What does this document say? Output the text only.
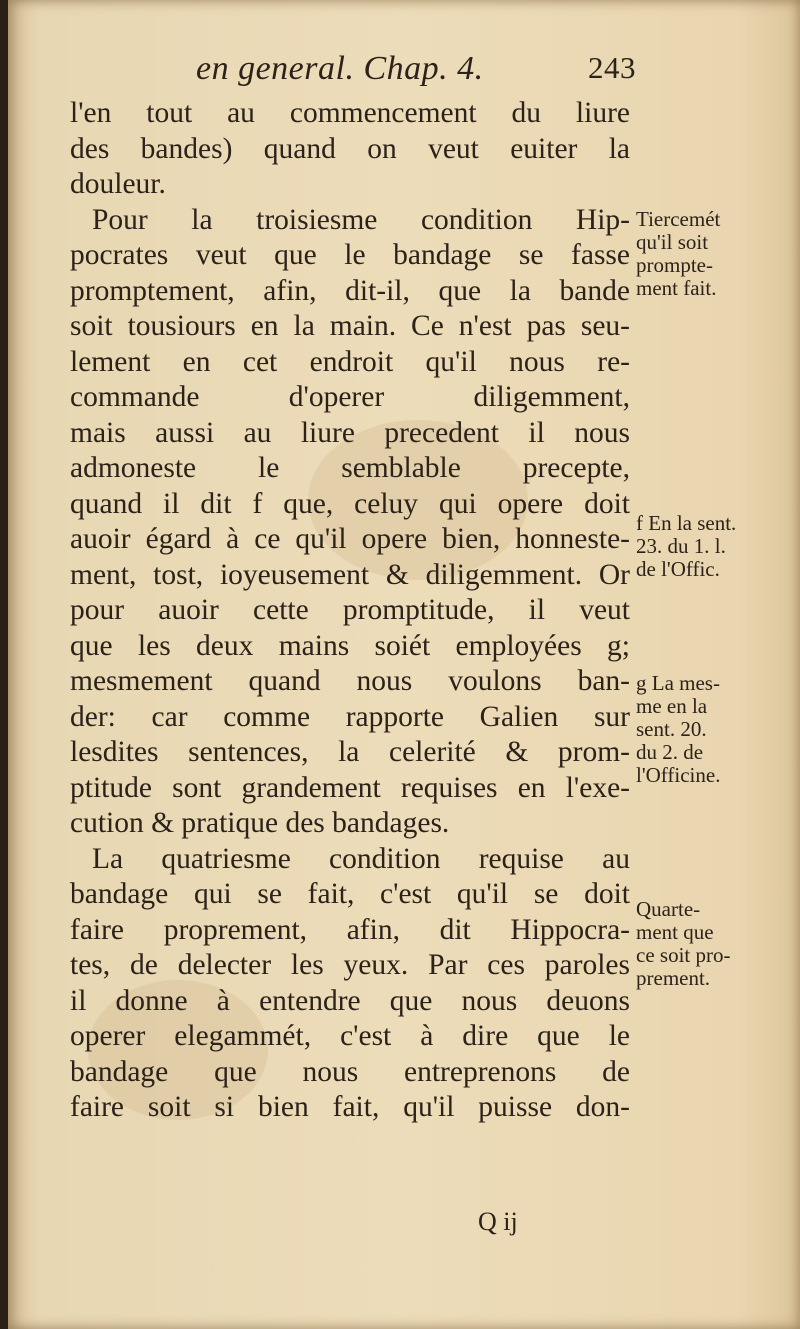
en general. Chap. 4.	243
l'en tout au commencement du liure
des bandes) quand on veut euiter la
douleur.
Pour la troisiesme condition Hip-
pocrates veut que le bandage se fasse
promptement, afin, dit-il, que la bande
soit tousiours en la main. Ce n'est pas seu-
lement en cet endroit qu'il nous re-
commande d'operer diligemment,
mais aussi au liure precedent il nous
admoneste le semblable precepte,
quand il dit f que, celuy qui opere doit
auoir égard à ce qu'il opere bien, honneste-
ment, tost, ioyeusement & diligemment. Or
pour auoir cette promptitude, il veut
que les deux mains soiét employées g;
mesmement quand nous voulons ban-
der: car comme rapporte Galien sur
lesdites sentences, la celerité & prom-
ptitude sont grandement requises en l'exe-
cution & pratique des bandages.
La quatriesme condition requise au
bandage qui se fait, c'est qu'il se doit
faire proprement, afin, dit Hippocra-
tes, de delecter les yeux. Par ces paroles
il donne à entendre que nous deuons
operer elegammét, c'est à dire que le
bandage que nous entreprenons de
faire soit si bien fait, qu'il puisse don-
Tiercemét
qu'il soit
prompte-
ment fait.
f En la sent.
23. du 1. l.
de l'Offic.
g La mes-
me en la
sent. 20.
du 2. de
l'Officine.
Quarte-
ment que
ce soit pro-
prement.
Q ij
